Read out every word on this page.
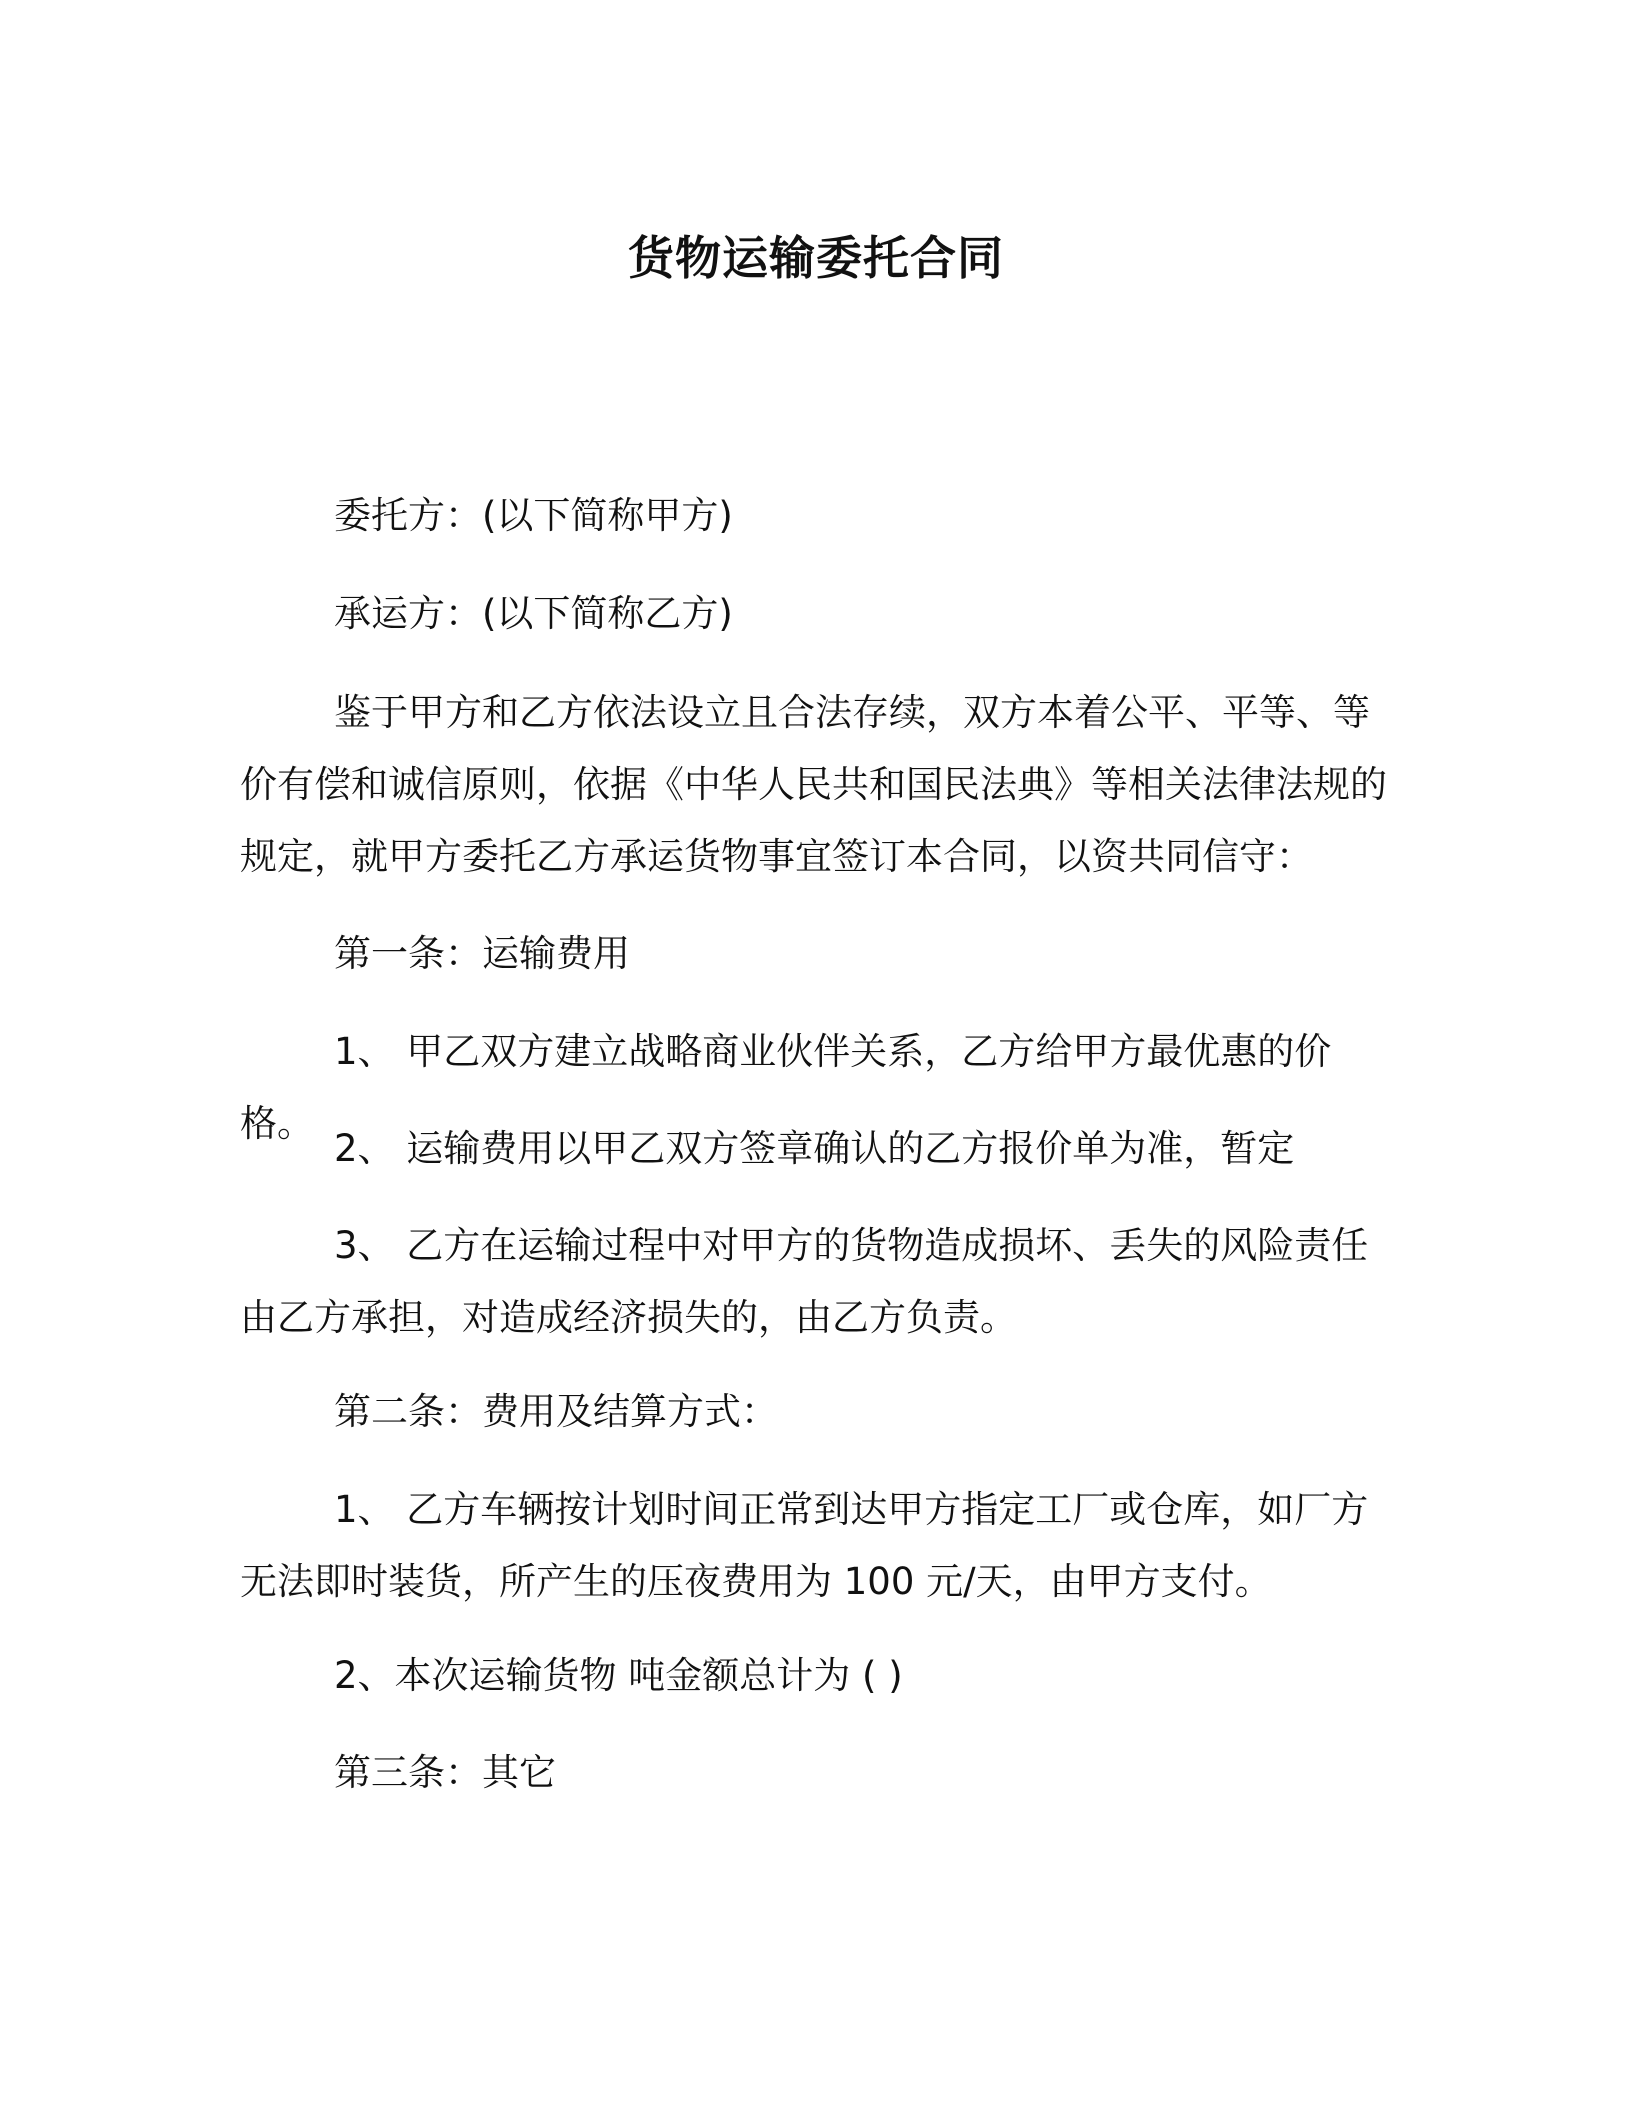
货物运输委托合同
委托方：(以下简称甲方)
承运方：(以下简称乙方)
鉴于甲方和乙方依法设立且合法存续，双方本着公平、平等、等价有偿和诚信原则，依据《中华人民共和国民法典》等相关法律法规的规定，就甲方委托乙方承运货物事宜签订本合同，以资共同信守：
第一条：运输费用
1、 甲乙双方建立战略商业伙伴关系，乙方给甲方最优惠的价格。
2、 运输费用以甲乙双方签章确认的乙方报价单为准，暂定
3、 乙方在运输过程中对甲方的货物造成损坏、丢失的风险责任由乙方承担，对造成经济损失的，由乙方负责。
第二条：费用及结算方式：
1、 乙方车辆按计划时间正常到达甲方指定工厂或仓库，如厂方无法即时装货，所产生的压夜费用为 100 元/天，由甲方支付。
2、本次运输货物 吨金额总计为 ( )
第三条：其它
